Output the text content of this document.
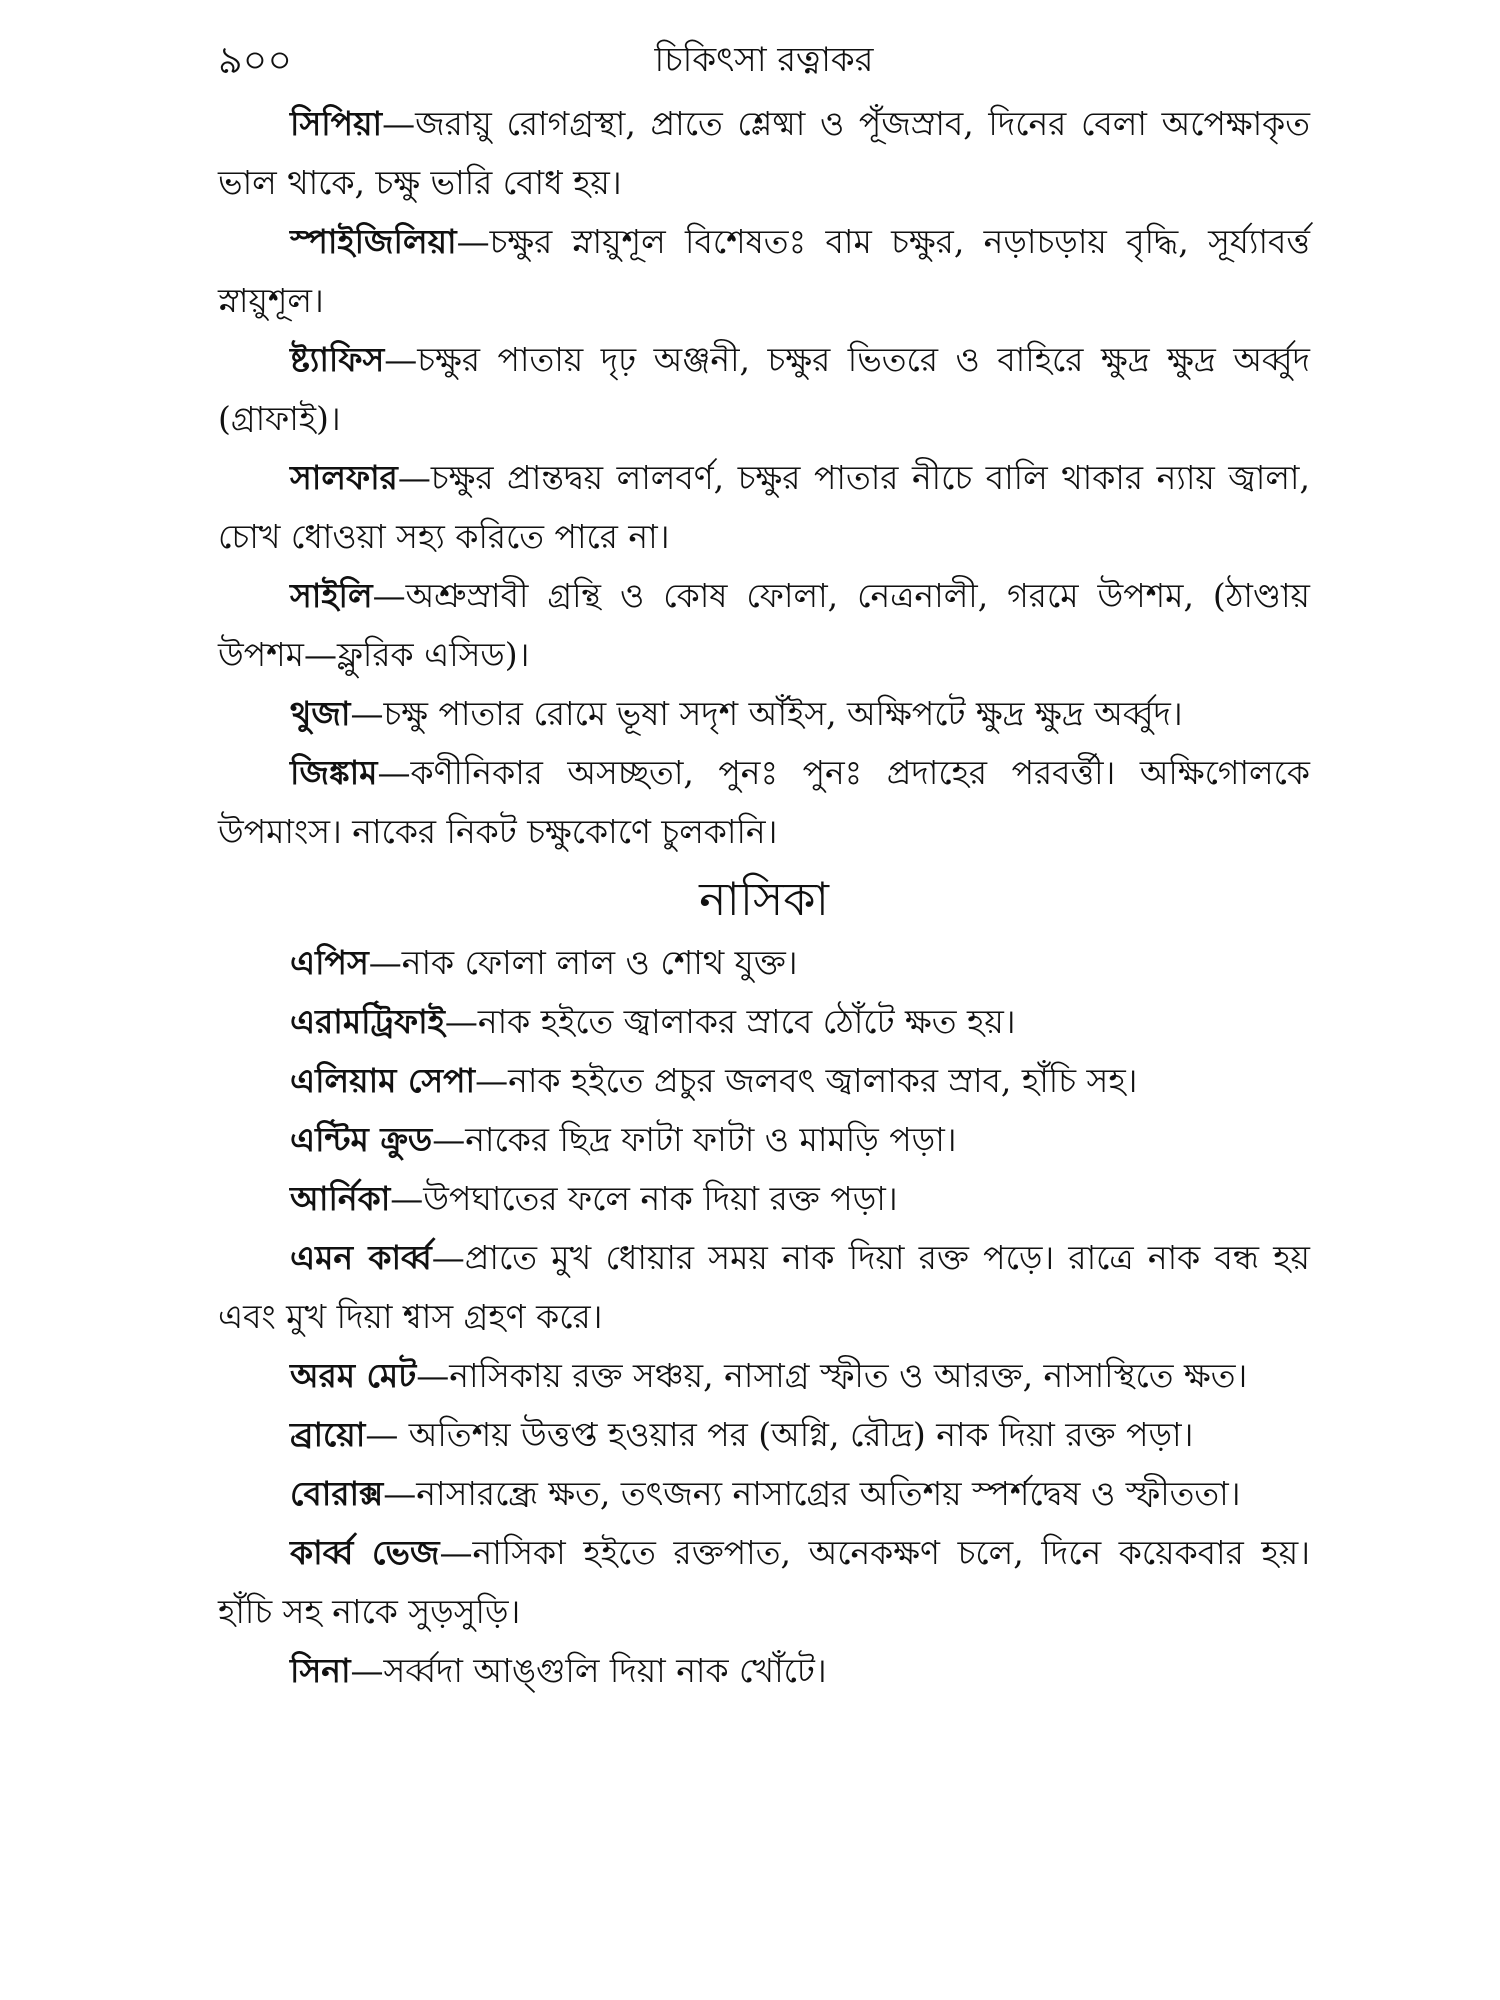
৯০০	চিকিৎসা রত্নাকর

সিপিয়া—জরায়ু রোগগ্রস্থা, প্রাতে শ্লেষ্মা ও পূঁজস্রাব, দিনের বেলা অপেক্ষাকৃত ভাল থাকে, চক্ষু ভারি বোধ হয়।

স্পাইজিলিয়া—চক্ষুর স্নায়ুশূল বিশেষতঃ বাম চক্ষুর, নড়াচড়ায় বৃদ্ধি, সূর্য্যাবর্ত্ত স্নায়ুশূল।

ষ্ট্যাফিস—চক্ষুর পাতায় দৃঢ় অঞ্জনী, চক্ষুর ভিতরে ও বাহিরে ক্ষুদ্র ক্ষুদ্র অর্ব্বুদ (গ্রাফাই)।

সালফার—চক্ষুর প্রান্তদ্বয় লালবর্ণ, চক্ষুর পাতার নীচে বালি থাকার ন্যায় জ্বালা, চোখ ধোওয়া সহ্য করিতে পারে না।

সাইলি—অশ্রুস্রাবী গ্রন্থি ও কোষ ফোলা, নেত্রনালী, গরমে উপশম, (ঠাণ্ডায় উপশম—ফ্লুরিক এসিড)।

থুজা—চক্ষু পাতার রোমে ভূষা সদৃশ আঁইস, অক্ষিপটে ক্ষুদ্র ক্ষুদ্র অর্ব্বুদ।

জিঙ্কাম—কণীনিকার অসচ্ছতা, পুনঃ পুনঃ প্রদাহের পরবর্ত্তী। অক্ষিগোলকে উপমাংস। নাকের নিকট চক্ষুকোণে চুলকানি।

নাসিকা

এপিস—নাক ফোলা লাল ও শোথ যুক্ত।

এরামট্রিফাই—নাক হইতে জ্বালাকর স্রাবে ঠোঁটে ক্ষত হয়।

এলিয়াম সেপা—নাক হইতে প্রচুর জলবৎ জ্বালাকর স্রাব, হাঁচি সহ।

এন্টিম ক্রুড—নাকের ছিদ্র ফাটা ফাটা ও মামড়ি পড়া।

আর্নিকা—উপঘাতের ফলে নাক দিয়া রক্ত পড়া।

এমন কার্ব্ব—প্রাতে মুখ ধোয়ার সময় নাক দিয়া রক্ত পড়ে। রাত্রে নাক বন্ধ হয় এবং মুখ দিয়া শ্বাস গ্রহণ করে।

অরম মেট—নাসিকায় রক্ত সঞ্চয়, নাসাগ্র স্ফীত ও আরক্ত, নাসাস্থিতে ক্ষত।

ব্রায়ো— অতিশয় উত্তপ্ত হওয়ার পর (অগ্নি, রৌদ্র) নাক দিয়া রক্ত পড়া।

বোরাক্স—নাসারন্ধ্রে ক্ষত, তৎজন্য নাসাগ্রের অতিশয় স্পর্শদ্বেষ ও স্ফীততা।

কার্ব্ব ভেজ—নাসিকা হইতে রক্তপাত, অনেকক্ষণ চলে, দিনে কয়েকবার হয়। হাঁচি সহ নাকে সুড়সুড়ি।

সিনা—সর্ব্বদা আঙ্গুলি দিয়া নাক খোঁটে।
